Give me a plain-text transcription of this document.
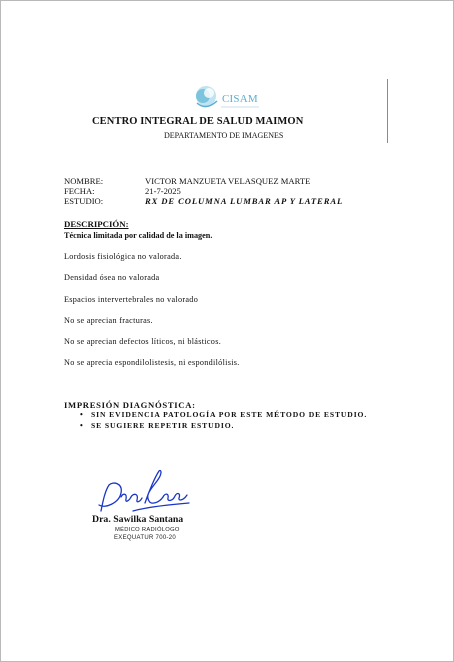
CISAM
CENTRO INTEGRAL DE SALUD MAIMON
DEPARTAMENTO DE IMAGENES
NOMBRE:	VICTOR MANZUETA VELASQUEZ MARTE
FECHA:	21-7-2025
ESTUDIO:	RX DE COLUMNA LUMBAR AP Y LATERAL
DESCRIPCIÓN:
Técnica limitada por calidad de la imagen.
Lordosis fisiológica no valorada.
Densidad ósea no valorada
Espacios intervertebrales no valorado
No se aprecian fracturas.
No se aprecian defectos líticos, ni blásticos.
No se aprecia espondilolistesis, ni espondilólisis.
IMPRESIÓN DIAGNÓSTICA:
• SIN EVIDENCIA PATOLOGÍA POR ESTE MÉTODO DE ESTUDIO.
• SE SUGIERE REPETIR ESTUDIO.
Dra. Sawilka Santana
MÉDICO RADIÓLOGO
EXEQUATUR 700-20
